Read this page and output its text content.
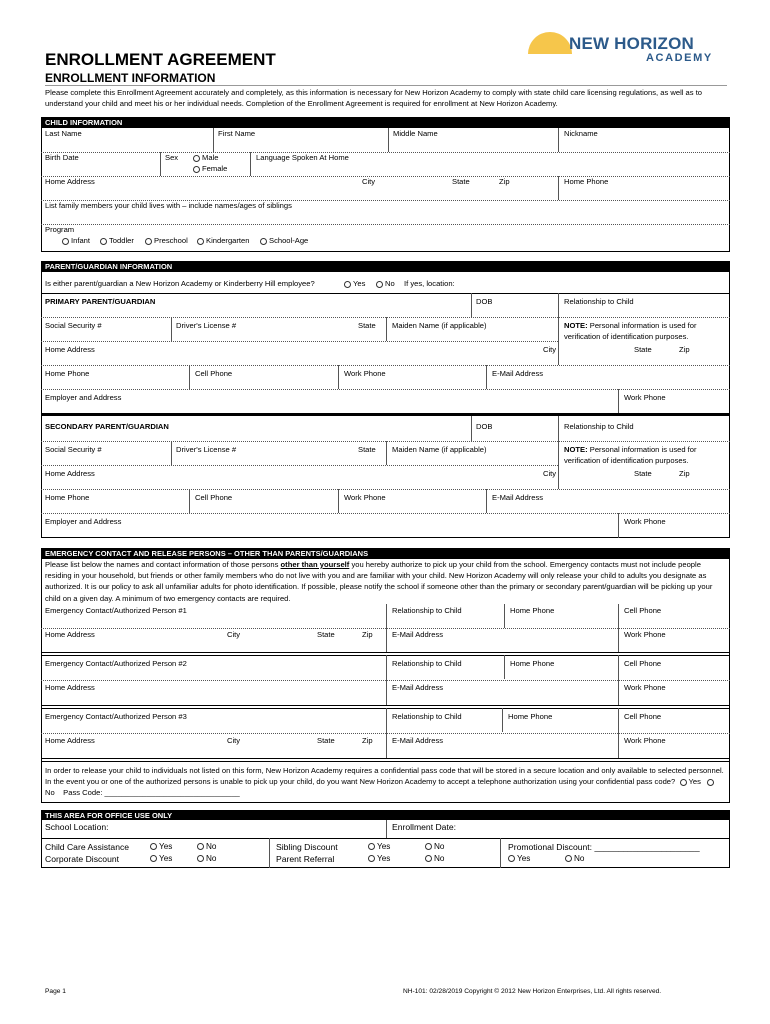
ENROLLMENT AGREEMENT
ENROLLMENT INFORMATION
Please complete this Enrollment Agreement accurately and completely, as this information is necessary for New Horizon Academy to comply with state child care licensing regulations, as well as to understand your child and meet his or her individual needs. Completion of the Enrollment Agreement is required for enrollment at New Horizon Academy.
NEW HORIZON
ACADEMY
CHILD INFORMATION
Last Name	First Name	Middle Name	Nickname
Birth Date	Sex	Male
Female
Language Spoken At Home
Home Address	City	State	Zip	Home Phone
List family members your child lives with – include names/ages of siblings
Program
Infant	Toddler	Preschool	Kindergarten	School-Age
PARENT/GUARDIAN INFORMATION
Is either parent/guardian a New Horizon Academy or Kinderberry Hill employee?	Yes	No If yes, location:
PRIMARY PARENT/GUARDIAN	DOB	Relationship to Child
Social Security #	Driver's License #	State Maiden Name (if applicable)	NOTE: Personal information is used for verification of identification purposes.
Home Address	City	State	Zip
Home Phone	Cell Phone	Work Phone	E-Mail Address
Employer and Address	Work Phone
SECONDARY PARENT/GUARDIAN	DOB	Relationship to Child
Social Security #	Driver's License #	State Maiden Name (if applicable)	NOTE: Personal information is used for verification of identification purposes.
Home Address	City	State	Zip
Home Phone	Cell Phone	Work Phone	E-Mail Address
Employer and Address	Work Phone
EMERGENCY CONTACT AND RELEASE PERSONS – OTHER THAN PARENTS/GUARDIANS
Please list below the names and contact information of those persons other than yourself you hereby authorize to pick up your child from the school. Emergency contacts must not include people residing in your household, but friends or other family members who do not live with you and are familiar with your child. New Horizon Academy will only release your child to adults you designate as authorized. It is our policy to ask all unfamiliar adults for photo identification. If possible, please notify the school if someone other than the primary or secondary parent/guardian will be picking up your child on a given day. A minimum of two emergency contacts are required.
Emergency Contact/Authorized Person #1	Relationship to Child	Home Phone	Cell Phone
Home Address	City	State	Zip	E-Mail Address	Work Phone
Emergency Contact/Authorized Person #2	Relationship to Child	Home Phone	Cell Phone
Home Address	E-Mail Address	Work Phone
Emergency Contact/Authorized Person #3	Relationship to Child	Home Phone	Cell Phone
Home Address	City	State	Zip	E-Mail Address	Work Phone
In order to release your child to individuals not listed on this form, New Horizon Academy requires a confidential pass code that will be stored in a secure location and only available to selected personnel. In the event you or one of the authorized persons is unable to pick up your child, do you want New Horizon Academy to accept a telephone authorization using your confidential pass code? Yes   No Pass Code: ________________________________
THIS AREA FOR OFFICE USE ONLY
School Location:	Enrollment Date:
Child Care Assistance	Yes	No
Corporate Discount	Yes	No
Sibling Discount	Yes	No
Parent Referral	Yes	No
Promotional Discount: ______________________
Yes	No
Page 1	NH-101: 02/28/2019 Copyright © 2012 New Horizon Enterprises, Ltd. All rights reserved.
